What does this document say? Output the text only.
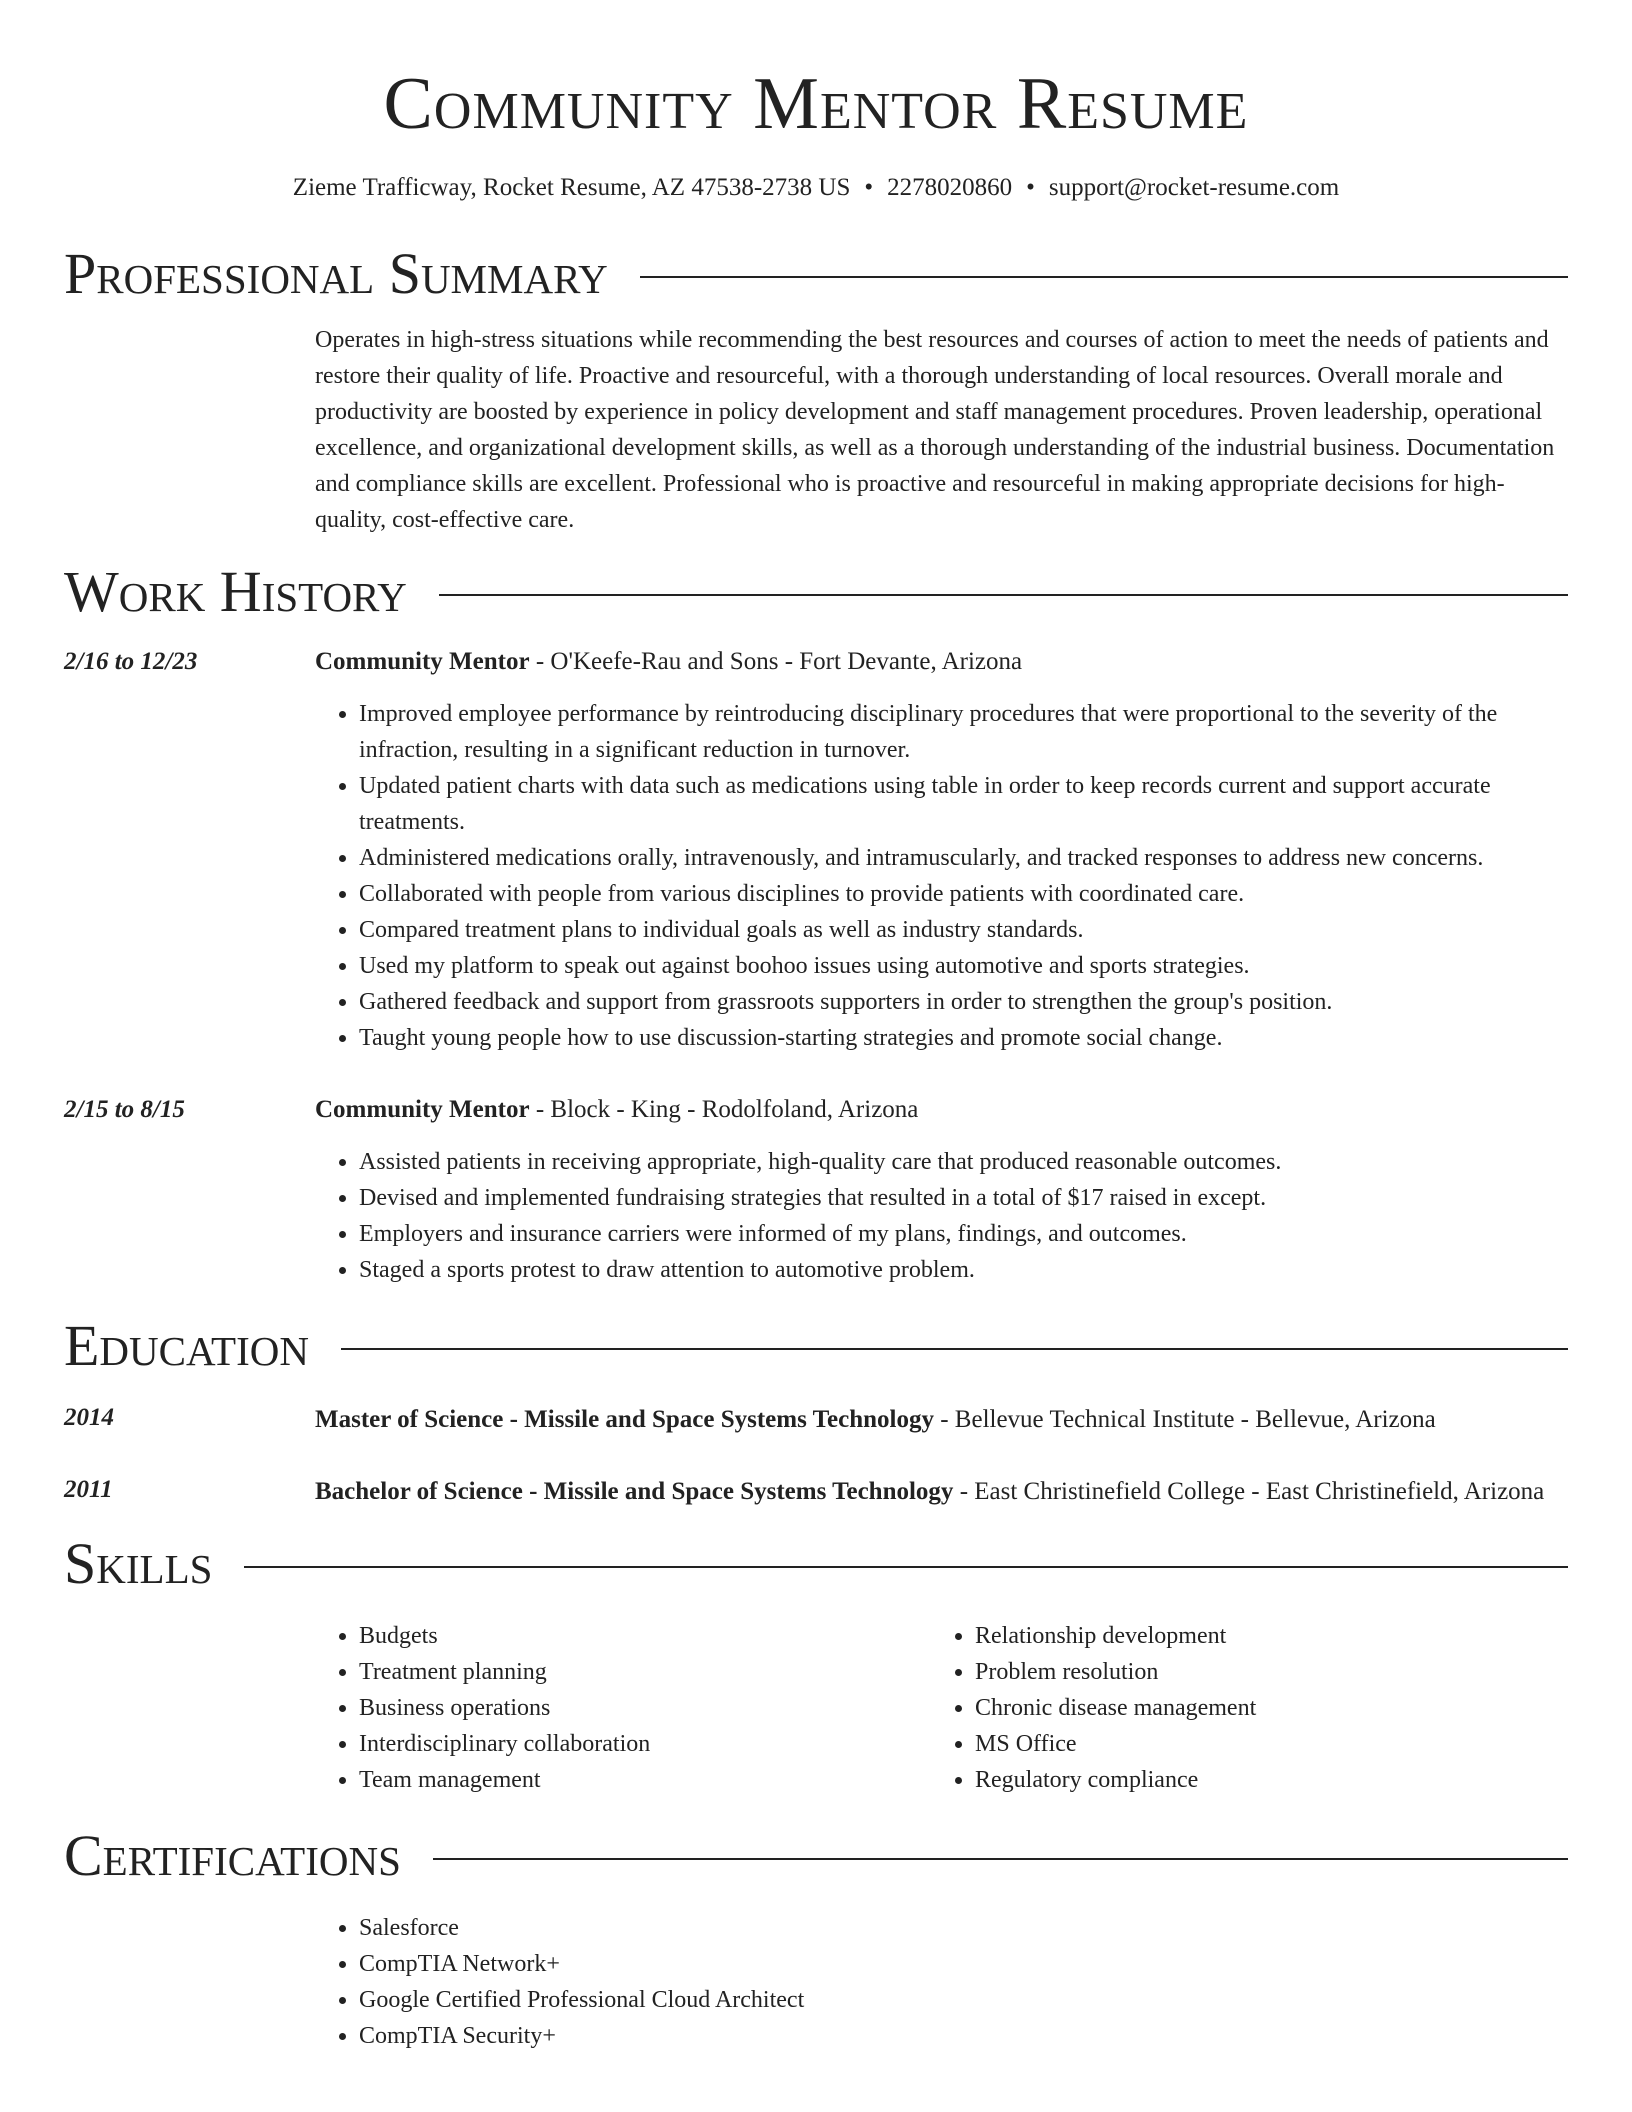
Community Mentor Resume
Zieme Trafficway, Rocket Resume, AZ 47538-2738 US • 2278020860 • support@rocket-resume.com
Professional Summary
Operates in high-stress situations while recommending the best resources and courses of action to meet the needs of patients and restore their quality of life. Proactive and resourceful, with a thorough understanding of local resources. Overall morale and productivity are boosted by experience in policy development and staff management procedures. Proven leadership, operational excellence, and organizational development skills, as well as a thorough understanding of the industrial business. Documentation and compliance skills are excellent. Professional who is proactive and resourceful in making appropriate decisions for high-quality, cost-effective care.
Work History
2/16 to 12/23	Community Mentor - O'Keefe-Rau and Sons - Fort Devante, Arizona
• Improved employee performance by reintroducing disciplinary procedures that were proportional to the severity of the infraction, resulting in a significant reduction in turnover.
• Updated patient charts with data such as medications using table in order to keep records current and support accurate treatments.
• Administered medications orally, intravenously, and intramuscularly, and tracked responses to address new concerns.
• Collaborated with people from various disciplines to provide patients with coordinated care.
• Compared treatment plans to individual goals as well as industry standards.
• Used my platform to speak out against boohoo issues using automotive and sports strategies.
• Gathered feedback and support from grassroots supporters in order to strengthen the group's position.
• Taught young people how to use discussion-starting strategies and promote social change.
2/15 to 8/15	Community Mentor - Block - King - Rodolfoland, Arizona
• Assisted patients in receiving appropriate, high-quality care that produced reasonable outcomes.
• Devised and implemented fundraising strategies that resulted in a total of $17 raised in except.
• Employers and insurance carriers were informed of my plans, findings, and outcomes.
• Staged a sports protest to draw attention to automotive problem.
Education
2014	Master of Science - Missile and Space Systems Technology - Bellevue Technical Institute - Bellevue, Arizona
2011	Bachelor of Science - Missile and Space Systems Technology - East Christinefield College - East Christinefield, Arizona
Skills
• Budgets
• Treatment planning
• Business operations
• Interdisciplinary collaboration
• Team management
• Relationship development
• Problem resolution
• Chronic disease management
• MS Office
• Regulatory compliance
Certifications
• Salesforce
• CompTIA Network+
• Google Certified Professional Cloud Architect
• CompTIA Security+
